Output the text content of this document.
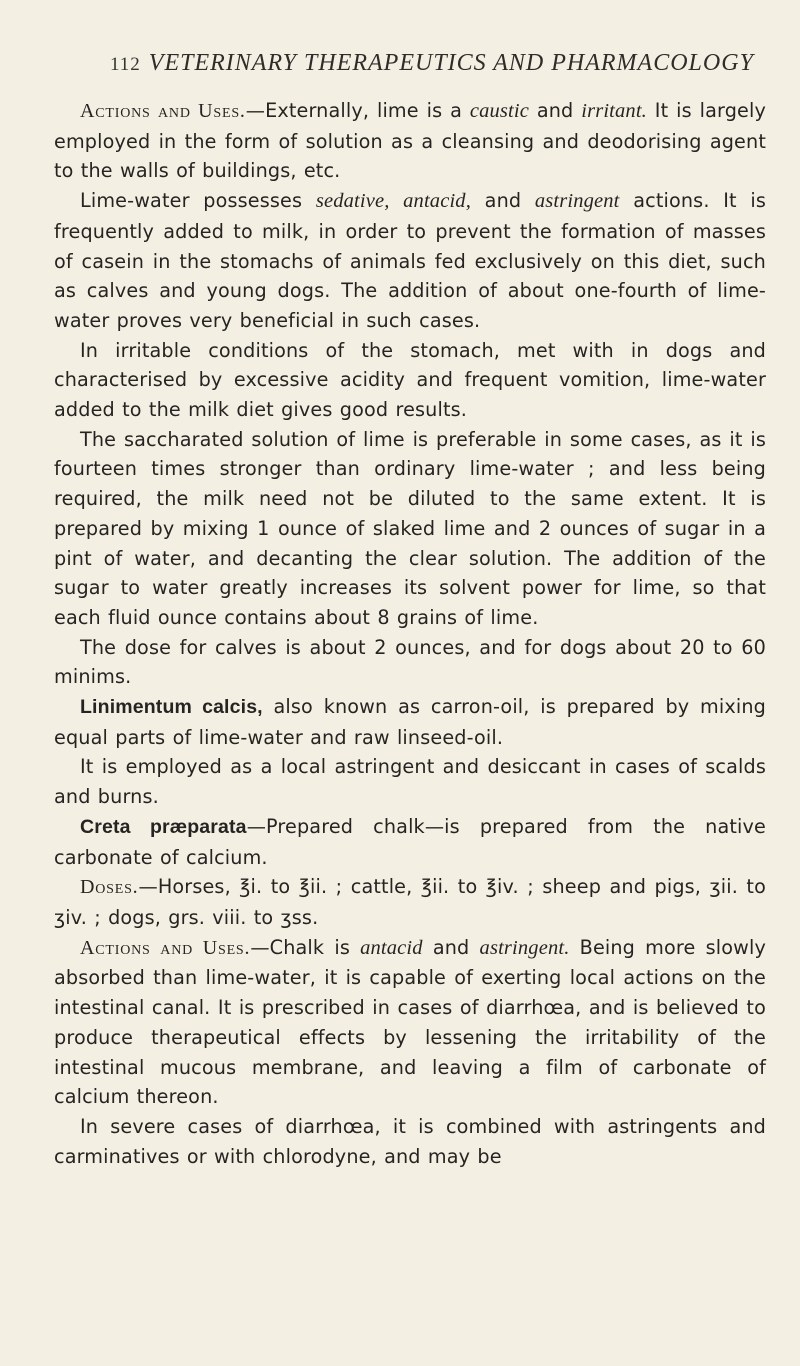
112 VETERINARY THERAPEUTICS AND PHARMACOLOGY

Actions and Uses.—Externally, lime is a caustic and irritant. It is largely employed in the form of solution as a cleansing and deodorising agent to the walls of buildings, etc.

Lime-water possesses sedative, antacid, and astringent actions. It is frequently added to milk, in order to prevent the formation of masses of casein in the stomachs of animals fed exclusively on this diet, such as calves and young dogs. The addition of about one-fourth of lime-water proves very beneficial in such cases.

In irritable conditions of the stomach, met with in dogs and characterised by excessive acidity and frequent vomition, lime-water added to the milk diet gives good results.

The saccharated solution of lime is preferable in some cases, as it is fourteen times stronger than ordinary lime-water ; and less being required, the milk need not be diluted to the same extent. It is prepared by mixing 1 ounce of slaked lime and 2 ounces of sugar in a pint of water, and decanting the clear solution. The addition of the sugar to water greatly increases its solvent power for lime, so that each fluid ounce contains about 8 grains of lime.

The dose for calves is about 2 ounces, and for dogs about 20 to 60 minims.

Linimentum calcis, also known as carron-oil, is prepared by mixing equal parts of lime-water and raw linseed-oil.

It is employed as a local astringent and desiccant in cases of scalds and burns.

Creta præparata—Prepared chalk—is prepared from the native carbonate of calcium.

Doses.—Horses, ℥i. to ℥ii. ; cattle, ℥ii. to ℥iv. ; sheep and pigs, ʒii. to ʒiv. ; dogs, grs. viii. to ʒss.

Actions and Uses.—Chalk is antacid and astringent. Being more slowly absorbed than lime-water, it is capable of exerting local actions on the intestinal canal. It is prescribed in cases of diarrhœa, and is believed to produce therapeutical effects by lessening the irritability of the intestinal mucous membrane, and leaving a film of carbonate of calcium thereon.

In severe cases of diarrhœa, it is combined with astringents and carminatives or with chlorodyne, and may be
